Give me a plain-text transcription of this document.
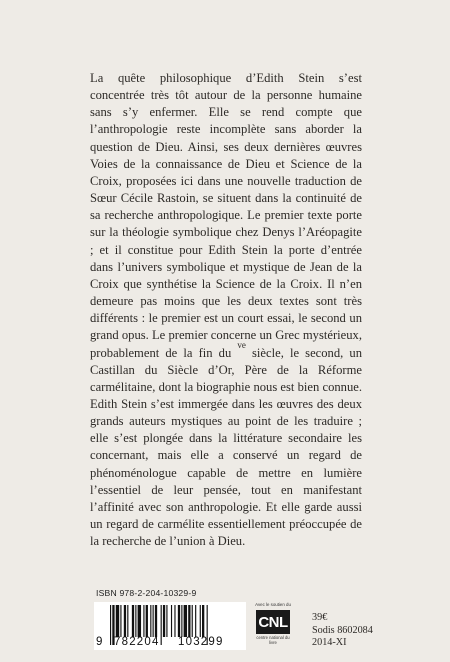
La quête philosophique d’Edith Stein s’est concentrée très tôt autour de la personne humaine sans s’y enfermer. Elle se rend compte que l’anthropologie reste incomplète sans aborder la question de Dieu. Ainsi, ses deux dernières œuvres Voies de la connaissance de Dieu et Science de la Croix, proposées ici dans une nouvelle traduction de Sœur Cécile Rastoin, se situent dans la continuité de sa recherche anthropologique. Le premier texte porte sur la théologie symbolique chez Denys l’Aréopagite ; et il constitue pour Edith Stein la porte d’entrée dans l’univers symbolique et mystique de Jean de la Croix que synthétise la Science de la Croix. Il n’en demeure pas moins que les deux textes sont très différents : le premier est un court essai, le second un grand opus. Le premier concerne un Grec mystérieux, probablement de la fin du $^{ve}$ siècle, le second, un Castillan du Siècle d’Or, Père de la Réforme carmélitaine, dont la biographie nous est bien connue. Edith Stein s’est immergée dans les œuvres des deux grands auteurs mystiques au point de les traduire ; elle s’est plongée dans la littérature secondaire les concernant, mais elle a conservé un regard de phénoménologue capable de mettre en lumière l’essentiel de leur pensée, tout en manifestant l’affinité avec son anthropologie. Et elle garde aussi un regard de carmélite essentiellement préoccupée de la recherche de l’union à Dieu.
ISBN 978-2-204-10329-9
9 782204 103299
Avec le soutien du
CNL
centre national du livre
39€
Sodis 8602084
2014-XI
